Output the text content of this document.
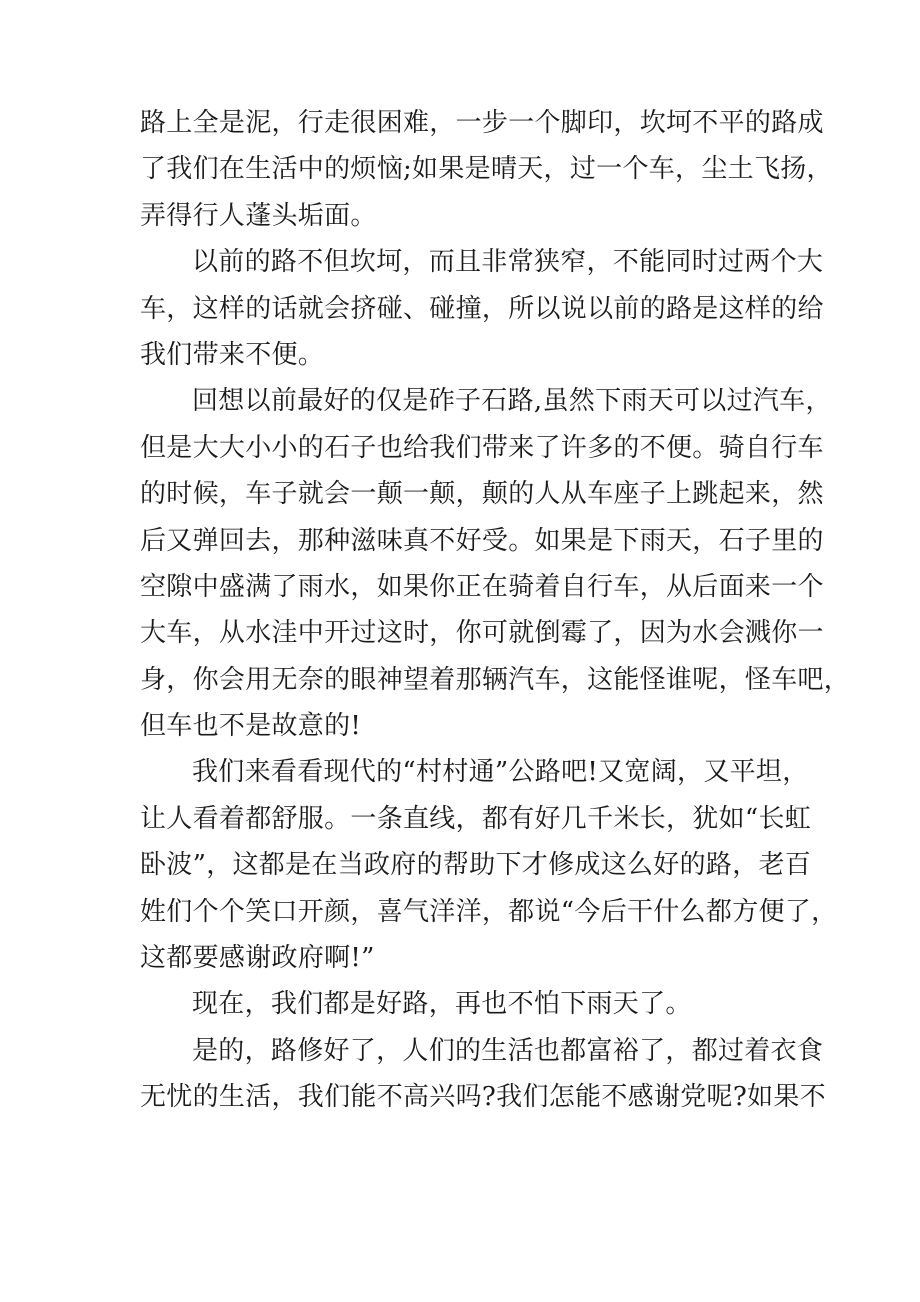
路上全是泥，行走很困难，一步一个脚印，坎坷不平的路成
了我们在生活中的烦恼;如果是晴天，过一个车，尘土飞扬，
弄得行人蓬头垢面。
以前的路不但坎坷，而且非常狭窄，不能同时过两个大
车，这样的话就会挤碰、碰撞，所以说以前的路是这样的给
我们带来不便。
回想以前最好的仅是砟子石路,虽然下雨天可以过汽车，
但是大大小小的石子也给我们带来了许多的不便。骑自行车
的时候，车子就会一颠一颠，颠的人从车座子上跳起来，然
后又弹回去，那种滋味真不好受。如果是下雨天，石子里的
空隙中盛满了雨水，如果你正在骑着自行车，从后面来一个
大车，从水洼中开过这时，你可就倒霉了，因为水会溅你一
身，你会用无奈的眼神望着那辆汽车，这能怪谁呢，怪车吧，
但车也不是故意的!
我们来看看现代的“村村通”公路吧!又宽阔，又平坦，
让人看着都舒服。一条直线，都有好几千米长，犹如“长虹
卧波”，这都是在当政府的帮助下才修成这么好的路，老百
姓们个个笑口开颜，喜气洋洋，都说“今后干什么都方便了，
这都要感谢政府啊!”
现在，我们都是好路，再也不怕下雨天了。
是的，路修好了，人们的生活也都富裕了，都过着衣食
无忧的生活，我们能不高兴吗?我们怎能不感谢党呢?如果不
